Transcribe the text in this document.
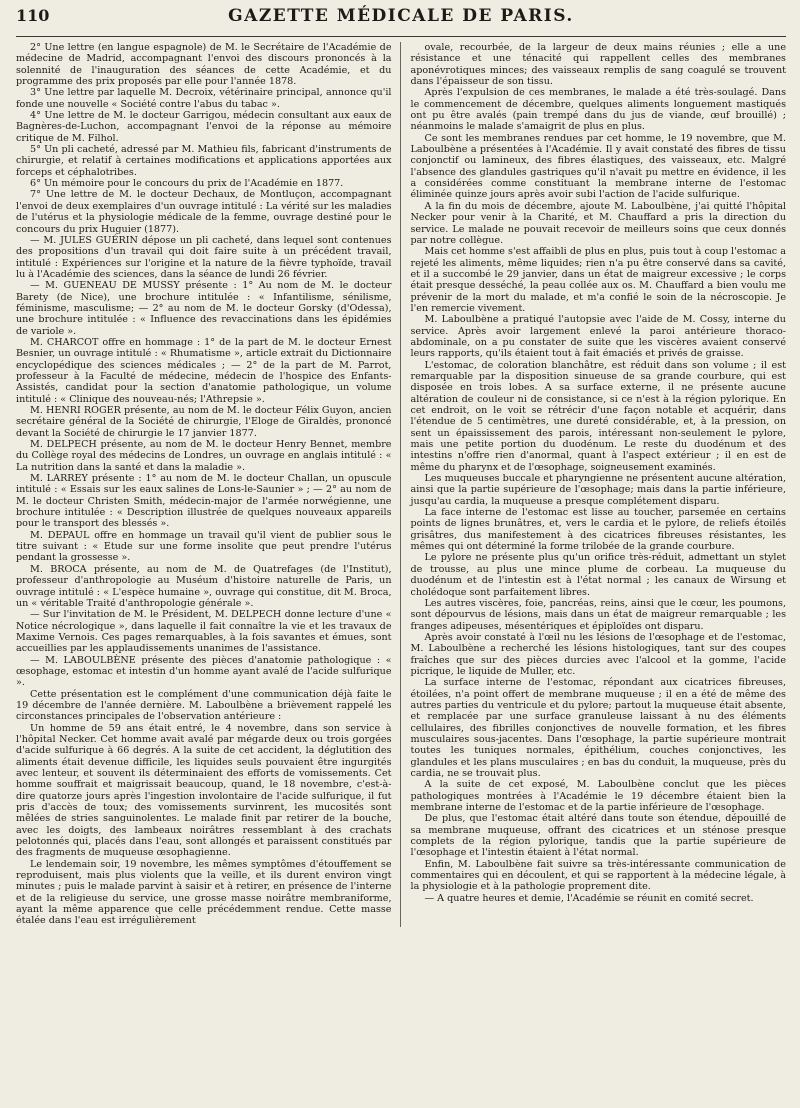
110	GAZETTE MÉDICALE DE PARIS.

2° Une lettre (en langue espagnole) de M. le Secrétaire de l'Académie de médecine de Madrid, accompagnant l'envoi des discours prononcés à la solennité de l'inauguration des séances de cette Académie, et du programme des prix proposés par elle pour l'année 1878.

3° Une lettre par laquelle M. Decroix, vétérinaire principal, annonce qu'il fonde une nouvelle « Société contre l'abus du tabac ».

4° Une lettre de M. le docteur Garrigou, médecin consultant aux eaux de Bagnères-de-Luchon, accompagnant l'envoi de la réponse au mémoire critique de M. Filhol.

5° Un pli cacheté, adressé par M. Mathieu fils, fabricant d'instruments de chirurgie, et relatif à certaines modifications et applications apportées aux forceps et céphalotribes.

6° Un mémoire pour le concours du prix de l'Académie en 1877.

7° Une lettre de M. le docteur Dechaux, de Montluçon, accompagnant l'envoi de deux exemplaires d'un ouvrage intitulé : La vérité sur les maladies de l'utérus et la physiologie médicale de la femme, ouvrage destiné pour le concours du prix Huguier (1877).

— M. JULES GUÉRIN dépose un pli cacheté, dans lequel sont contenues des propositions d'un travail qui doit faire suite à un précédent travail, intitulé : Expériences sur l'origine et la nature de la fièvre typhoïde, travail lu à l'Académie des sciences, dans la séance de lundi 26 février.

— M. GUENEAU DE MUSSY présente : 1° Au nom de M. le docteur Barety (de Nice), une brochure intitulée : « Infantilisme, sénilisme, féminisme, masculisme; — 2° au nom de M. le docteur Gorsky (d'Odessa), une brochure intitulée : « Influence des revaccinations dans les épidémies de variole ».

M. CHARCOT offre en hommage : 1° de la part de M. le docteur Ernest Besnier, un ouvrage intitulé : « Rhumatisme », article extrait du Dictionnaire encyclopédique des sciences médicales ; — 2° de la part de M. Parrot, professeur à la Faculté de médecine, médecin de l'hospice des Enfants-Assistés, candidat pour la section d'anatomie pathologique, un volume intitulé : « Clinique des nouveau-nés; l'Athrepsie ».

M. HENRI ROGER présente, au nom de M. le docteur Félix Guyon, ancien secrétaire général de la Société de chirurgie, l'Eloge de Giraldès, prononcé devant la Société de chirurgie le 17 janvier 1877.

M. DELPECH présente, au nom de M. le docteur Henry Bennet, membre du Collège royal des médecins de Londres, un ouvrage en anglais intitulé : « La nutrition dans la santé et dans la maladie ».

M. LARREY présente : 1° au nom de M. le docteur Challan, un opuscule intitulé : « Essais sur les eaux salines de Lons-le-Saunier » ; — 2° au nom de M. le docteur Christen Smith, médecin-major de l'armée norwégienne, une brochure intitulée : « Description illustrée de quelques nouveaux appareils pour le transport des blessés ».

M. DEPAUL offre en hommage un travail qu'il vient de publier sous le titre suivant : « Etude sur une forme insolite que peut prendre l'utérus pendant la grossesse ».

M. BROCA présente, au nom de M. de Quatrefages (de l'Institut), professeur d'anthropologie au Muséum d'histoire naturelle de Paris, un ouvrage intitulé : « L'espèce humaine », ouvrage qui constitue, dit M. Broca, un « véritable Traité d'anthropologie générale ».

— Sur l'invitation de M. le Président, M. DELPECH donne lecture d'une « Notice nécrologique », dans laquelle il fait connaître la vie et les travaux de Maxime Vernois. Ces pages remarquables, à la fois savantes et émues, sont accueillies par les applaudissements unanimes de l'assistance.

— M. LABOULBÈNE présente des pièces d'anatomie pathologique : « œsophage, estomac et intestin d'un homme ayant avalé de l'acide sulfurique ».

Cette présentation est le complément d'une communication déjà faite le 19 décembre de l'année dernière. M. Laboulbène a brièvement rappelé les circonstances principales de l'observation antérieure :

Un homme de 59 ans était entré, le 4 novembre, dans son service à l'hôpital Necker. Cet homme avait avalé par mégarde deux ou trois gorgées d'acide sulfurique à 66 degrés. A la suite de cet accident, la déglutition des aliments était devenue difficile, les liquides seuls pouvaient être ingurgités avec lenteur, et souvent ils déterminaient des efforts de vomissements. Cet homme souffrait et maigrissait beaucoup, quand, le 18 novembre, c'est-à-dire quatorze jours après l'ingestion involontaire de l'acide sulfurique, il fut pris d'accès de toux; des vomissements survinrent, les mucosités sont mêlées de stries sanguinolentes. Le malade finit par retirer de la bouche, avec les doigts, des lambeaux noirâtres ressemblant à des crachats pelotonnés qui, placés dans l'eau, sont allongés et paraissent constitués par des fragments de muqueuse œsophagienne.

Le lendemain soir, 19 novembre, les mêmes symptômes d'étouffement se reproduisent, mais plus violents que la veille, et ils durent environ vingt minutes ; puis le malade parvint à saisir et à retirer, en présence de l'interne et de la religieuse du service, une grosse masse noirâtre membraniforme, ayant la même apparence que celle précédemment rendue. Cette masse étalée dans l'eau est irrégulièrement

ovale, recourbée, de la largeur de deux mains réunies ; elle a une résistance et une ténacité qui rappellent celles des membranes aponévrotiques minces; des vaisseaux remplis de sang coagulé se trouvent dans l'épaisseur de son tissu.

Après l'expulsion de ces membranes, le malade a été très-soulagé. Dans le commencement de décembre, quelques aliments longuement mastiqués ont pu être avalés (pain trempé dans du jus de viande, œuf brouillé) ; néanmoins le malade s'amaigrit de plus en plus.

Ce sont les membranes rendues par cet homme, le 19 novembre, que M. Laboulbène a présentées à l'Académie. Il y avait constaté des fibres de tissu conjonctif ou lamineux, des fibres élastiques, des vaisseaux, etc. Malgré l'absence des glandules gastriques qu'il n'avait pu mettre en évidence, il les a considérées comme constituant la membrane interne de l'estomac éliminée quinze jours après avoir subi l'action de l'acide sulfurique.

A la fin du mois de décembre, ajoute M. Laboulbène, j'ai quitté l'hôpital Necker pour venir à la Charité, et M. Chauffard a pris la direction du service. Le malade ne pouvait recevoir de meilleurs soins que ceux donnés par notre collègue.

Mais cet homme s'est affaibli de plus en plus, puis tout à coup l'estomac a rejeté les aliments, même liquides; rien n'a pu être conservé dans sa cavité, et il a succombé le 29 janvier, dans un état de maigreur excessive ; le corps était presque desséché, la peau collée aux os. M. Chauffard a bien voulu me prévenir de la mort du malade, et m'a confié le soin de la nécroscopie. Je l'en remercie vivement.

M. Laboulbène a pratiqué l'autopsie avec l'aide de M. Cossy, interne du service. Après avoir largement enlevé la paroi antérieure thoraco-abdominale, on a pu constater de suite que les viscères avaient conservé leurs rapports, qu'ils étaient tout à fait émaciés et privés de graisse.

L'estomac, de coloration blanchâtre, est réduit dans son volume ; il est remarquable par la disposition sinueuse de sa grande courbure, qui est disposée en trois lobes. A sa surface externe, il ne présente aucune altération de couleur ni de consistance, si ce n'est à la région pylorique. En cet endroit, on le voit se rétrécir d'une façon notable et acquérir, dans l'étendue de 5 centimètres, une dureté considérable, et, à la pression, on sent un épaississement des parois, intéressant non-seulement le pylore, mais une petite portion du duodénum. Le reste du duodénum et des intestins n'offre rien d'anormal, quant à l'aspect extérieur ; il en est de même du pharynx et de l'œsophage, soigneusement examinés.

Les muqueuses buccale et pharyngienne ne présentent aucune altération, ainsi que la partie supérieure de l'œsophage; mais dans la partie inférieure, jusqu'au cardia, la muqueuse a presque complétement disparu.

La face interne de l'estomac est lisse au toucher, parsemée en certains points de lignes brunâtres, et, vers le cardia et le pylore, de reliefs étoilés grisâtres, dus manifestement à des cicatrices fibreuses résistantes, les mêmes qui ont déterminé la forme trilobée de la grande courbure.

Le pylore ne présente plus qu'un orifice très-réduit, admettant un stylet de trousse, au plus une mince plume de corbeau. La muqueuse du duodénum et de l'intestin est à l'état normal ; les canaux de Wirsung et cholédoque sont parfaitement libres.

Les autres viscères, foie, pancréas, reins, ainsi que le cœur, les poumons, sont dépourvus de lésions, mais dans un état de maigreur remarquable ; les franges adipeuses, mésentériques et épiploïdes ont disparu.

Après avoir constaté à l'œil nu les lésions de l'œsophage et de l'estomac, M. Laboulbène a recherché les lésions histologiques, tant sur des coupes fraîches que sur des pièces durcies avec l'alcool et la gomme, l'acide picrique, le liquide de Muller, etc.

La surface interne de l'estomac, répondant aux cicatrices fibreuses, étoilées, n'a point offert de membrane muqueuse ; il en a été de même des autres parties du ventricule et du pylore; partout la muqueuse était absente, et remplacée par une surface granuleuse laissant à nu des éléments cellulaires, des fibrilles conjonctives de nouvelle formation, et les fibres musculaires sous-jacentes. Dans l'œsophage, la partie supérieure montrait toutes les tuniques normales, épithélium, couches conjonctives, les glandules et les plans musculaires ; en bas du conduit, la muqueuse, près du cardia, ne se trouvait plus.

A la suite de cet exposé, M. Laboulbène conclut que les pièces pathologiques montrées à l'Académie le 19 décembre étaient bien la membrane interne de l'estomac et de la partie inférieure de l'œsophage.

De plus, que l'estomac était altéré dans toute son étendue, dépouillé de sa membrane muqueuse, offrant des cicatrices et un sténose presque complets de la région pylorique, tandis que la partie supérieure de l'œsophage et l'intestin étaient à l'état normal.

Enfin, M. Laboulbène fait suivre sa très-intéressante communication de commentaires qui en découlent, et qui se rapportent à la médecine légale, à la physiologie et à la pathologie proprement dite.

— A quatre heures et demie, l'Académie se réunit en comité secret.
